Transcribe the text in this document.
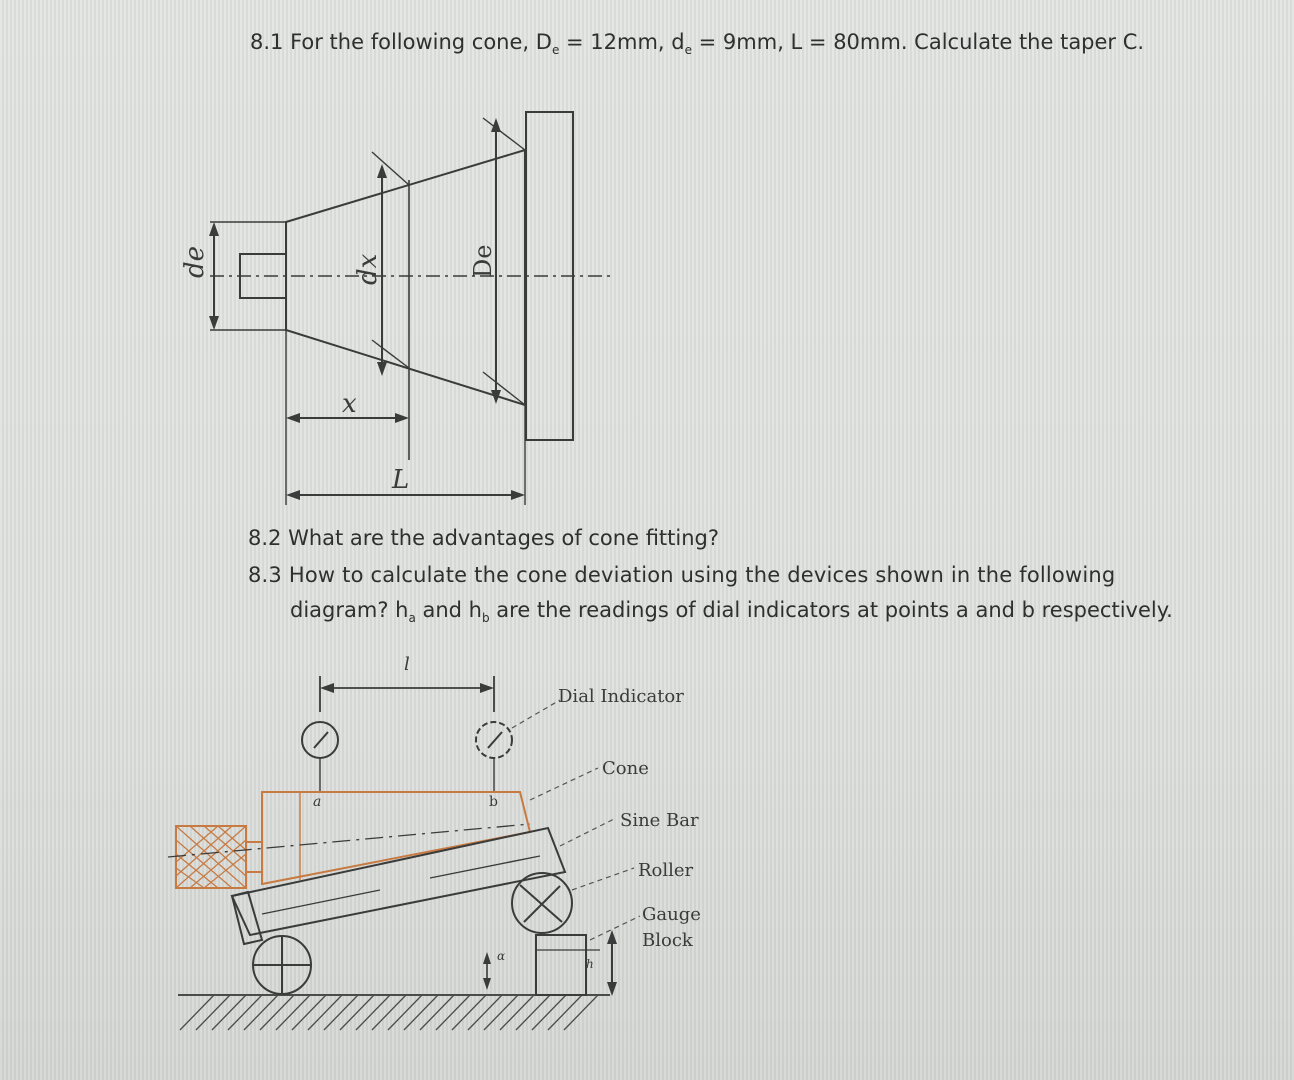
8.1 For the following cone, $D_e = 12mm$, $d_e = 9mm$, L = 80mm. Calculate the taper C.
de	dx	De
x
L
8.2 What are the advantages of cone fitting?
8.3 How to calculate the cone deviation using the devices shown in the following
diagram? $h_a$ and $h_b$ are the readings of dial indicators at points a and b respectively.
l
a	b
Dial Indicator
Cone
Sine Bar
Roller
Gauge
Block
α
h
